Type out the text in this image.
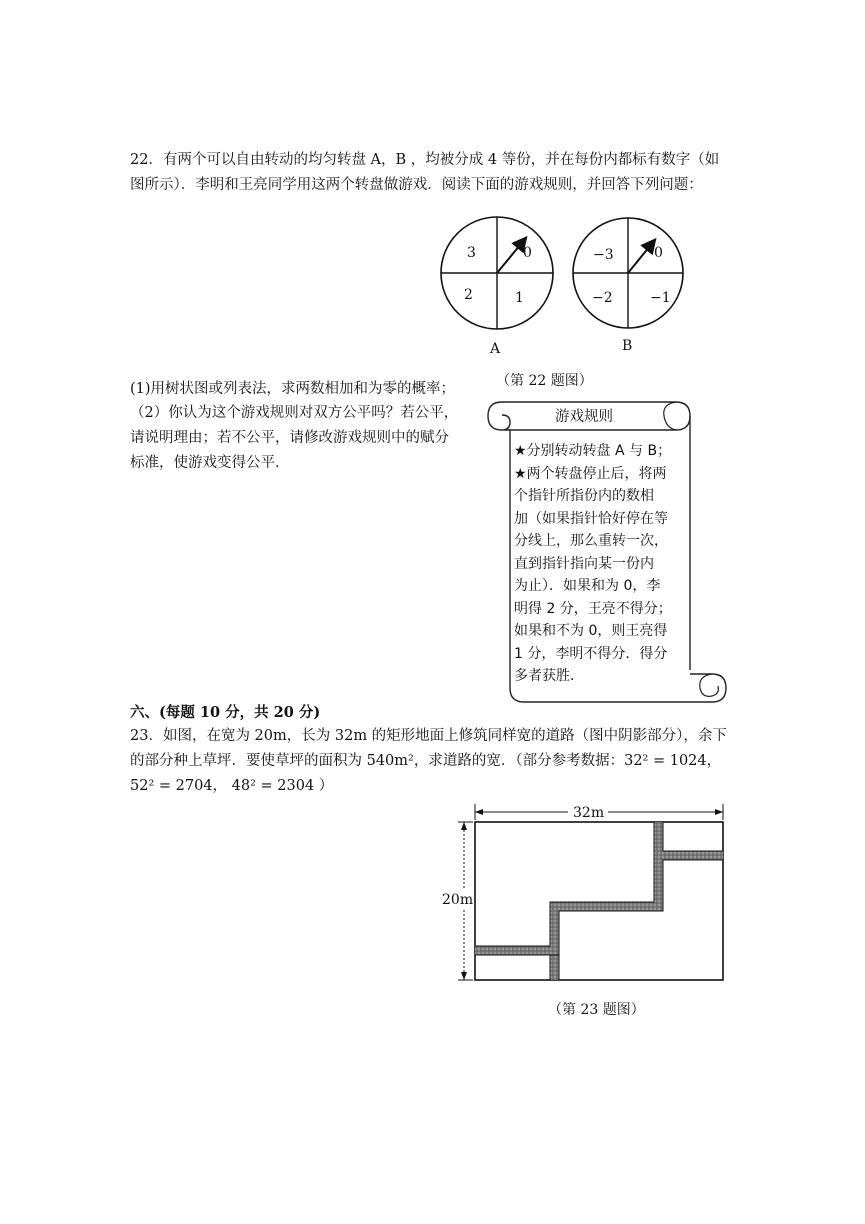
22．有两个可以自由转动的均匀转盘 A，B ，均被分成 4 等份，并在每份内都标有数字（如
图所示）．李明和王亮同学用这两个转盘做游戏．阅读下面的游戏规则，并回答下列问题：
3	0
2	1
A
−3	0
−2	−1
B
（第 22 题图）
(1)用树状图或列表法，求两数相加和为零的概率；
（2）你认为这个游戏规则对双方公平吗？若公平，
请说明理由；若不公平，请修改游戏规则中的赋分
标准，使游戏变得公平．
游戏规则
★分别转动转盘 A 与 B；
★两个转盘停止后，将两
个指针所指份内的数相
加（如果指针恰好停在等
分线上，那么重转一次，
直到指针指向某一份内
为止）．如果和为 0，李
明得 2 分，王亮不得分；
如果和不为 0，则王亮得
1 分，李明不得分．得分
多者获胜．
六、(每题 10 分，共 20 分)
23．如图，在宽为 20m，长为 32m 的矩形地面上修筑同样宽的道路（图中阴影部分），余下
的部分种上草坪．要使草坪的面积为 540m²，求道路的宽．（部分参考数据：32² = 1024，
52² = 2704， 48² = 2304 ）
32m
20m
（第 23 题图）
